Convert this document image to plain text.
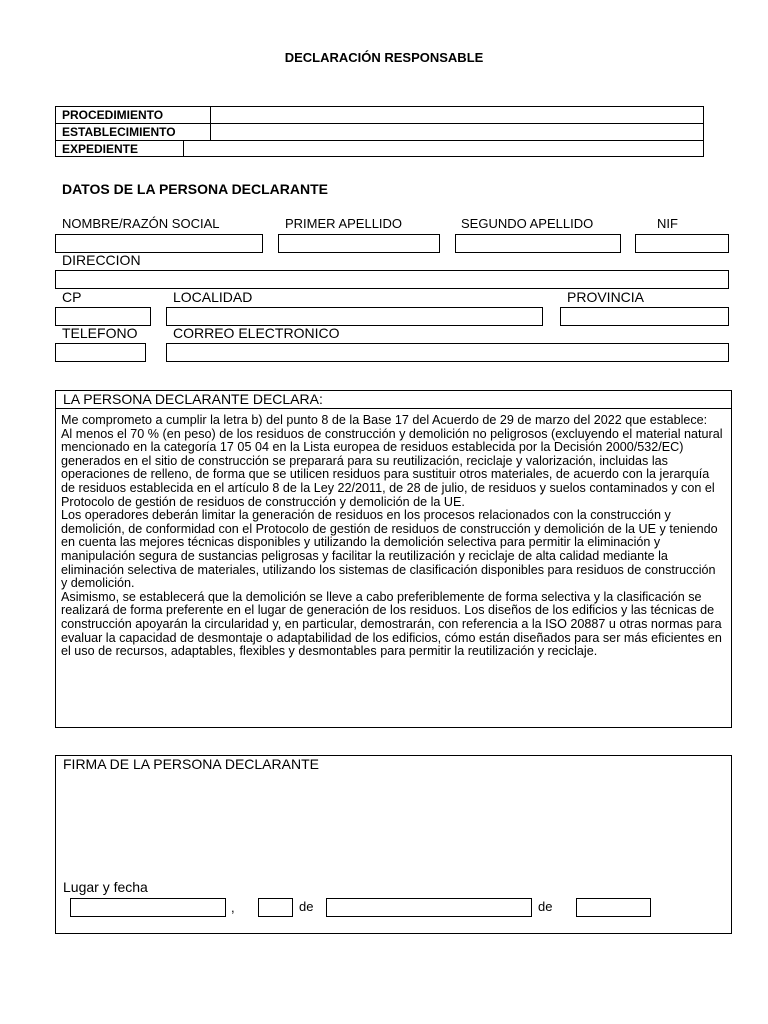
DECLARACIÓN RESPONSABLE
PROCEDIMIENTO
ESTABLECIMIENTO
EXPEDIENTE
DATOS DE LA PERSONA DECLARANTE
NOMBRE/RAZÓN SOCIAL	PRIMER APELLIDO	SEGUNDO APELLIDO	NIF
DIRECCION
CP	LOCALIDAD	PROVINCIA
TELEFONO	CORREO ELECTRONICO
LA PERSONA DECLARANTE DECLARA:
Me comprometo a cumplir la letra b) del punto 8 de la Base 17 del Acuerdo de 29 de marzo del 2022 que establece:
Al menos el 70 % (en peso) de los residuos de construcción y demolición no peligrosos (excluyendo el material natural mencionado en la categoría 17 05 04 en la Lista europea de residuos establecida por la Decisión 2000/532/EC) generados en el sitio de construcción se preparará para su reutilización, reciclaje y valorización, incluidas las operaciones de relleno, de forma que se utilicen residuos para sustituir otros materiales, de acuerdo con la jerarquía de residuos establecida en el artículo 8 de la Ley 22/2011, de 28 de julio, de residuos y suelos contaminados y con el Protocolo de gestión de residuos de construcción y demolición de la UE.
Los operadores deberán limitar la generación de residuos en los procesos relacionados con la construcción y demolición, de conformidad con el Protocolo de gestión de residuos de construcción y demolición de la UE y teniendo en cuenta las mejores técnicas disponibles y utilizando la demolición selectiva para permitir la eliminación y manipulación segura de sustancias peligrosas y facilitar la reutilización y reciclaje de alta calidad mediante la eliminación selectiva de materiales, utilizando los sistemas de clasificación disponibles para residuos de construcción y demolición.
Asimismo, se establecerá que la demolición se lleve a cabo preferiblemente de forma selectiva y la clasificación se realizará de forma preferente en el lugar de generación de los residuos. Los diseños de los edificios y las técnicas de construcción apoyarán la circularidad y, en particular, demostrarán, con referencia a la ISO 20887 u otras normas para evaluar la capacidad de desmontaje o adaptabilidad de los edificios, cómo están diseñados para ser más eficientes en el uso de recursos, adaptables, flexibles y desmontables para permitir la reutilización y reciclaje.
FIRMA DE LA PERSONA DECLARANTE
Lugar y fecha
,	de	de
